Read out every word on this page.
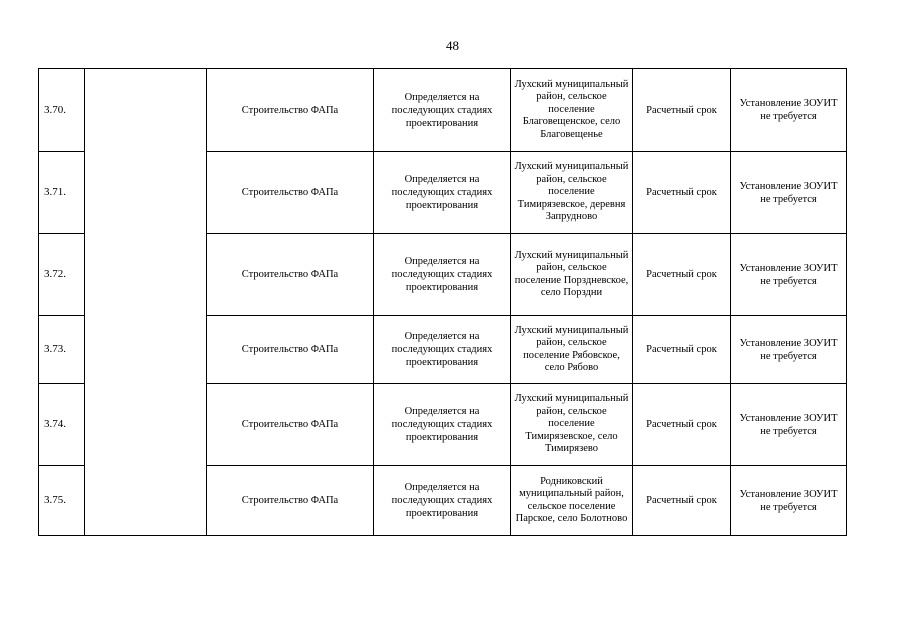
48
3.70.		Строительство ФАПа	Определяется на последующих стадиях проектирования	Лухский муниципальный район, сельское поселение Благовещенское, село Благовещенье	Расчетный срок	Установление ЗОУИТ не требуется
3.71.		Строительство ФАПа	Определяется на последующих стадиях проектирования	Лухский муниципальный район, сельское поселение Тимирязевское, деревня Запрудново	Расчетный срок	Установление ЗОУИТ не требуется
3.72.		Строительство ФАПа	Определяется на последующих стадиях проектирования	Лухский муниципальный район, сельское поселение Порздневское, село Порздни	Расчетный срок	Установление ЗОУИТ не требуется
3.73.		Строительство ФАПа	Определяется на последующих стадиях проектирования	Лухский муниципальный район, сельское поселение Рябовское, село Рябово	Расчетный срок	Установление ЗОУИТ не требуется
3.74.		Строительство ФАПа	Определяется на последующих стадиях проектирования	Лухский муниципальный район, сельское поселение Тимирязевское, село Тимирязево	Расчетный срок	Установление ЗОУИТ не требуется
3.75.		Строительство ФАПа	Определяется на последующих стадиях проектирования	Родниковский муниципальный район, сельское поселение Парское, село Болотново	Расчетный срок	Установление ЗОУИТ не требуется
